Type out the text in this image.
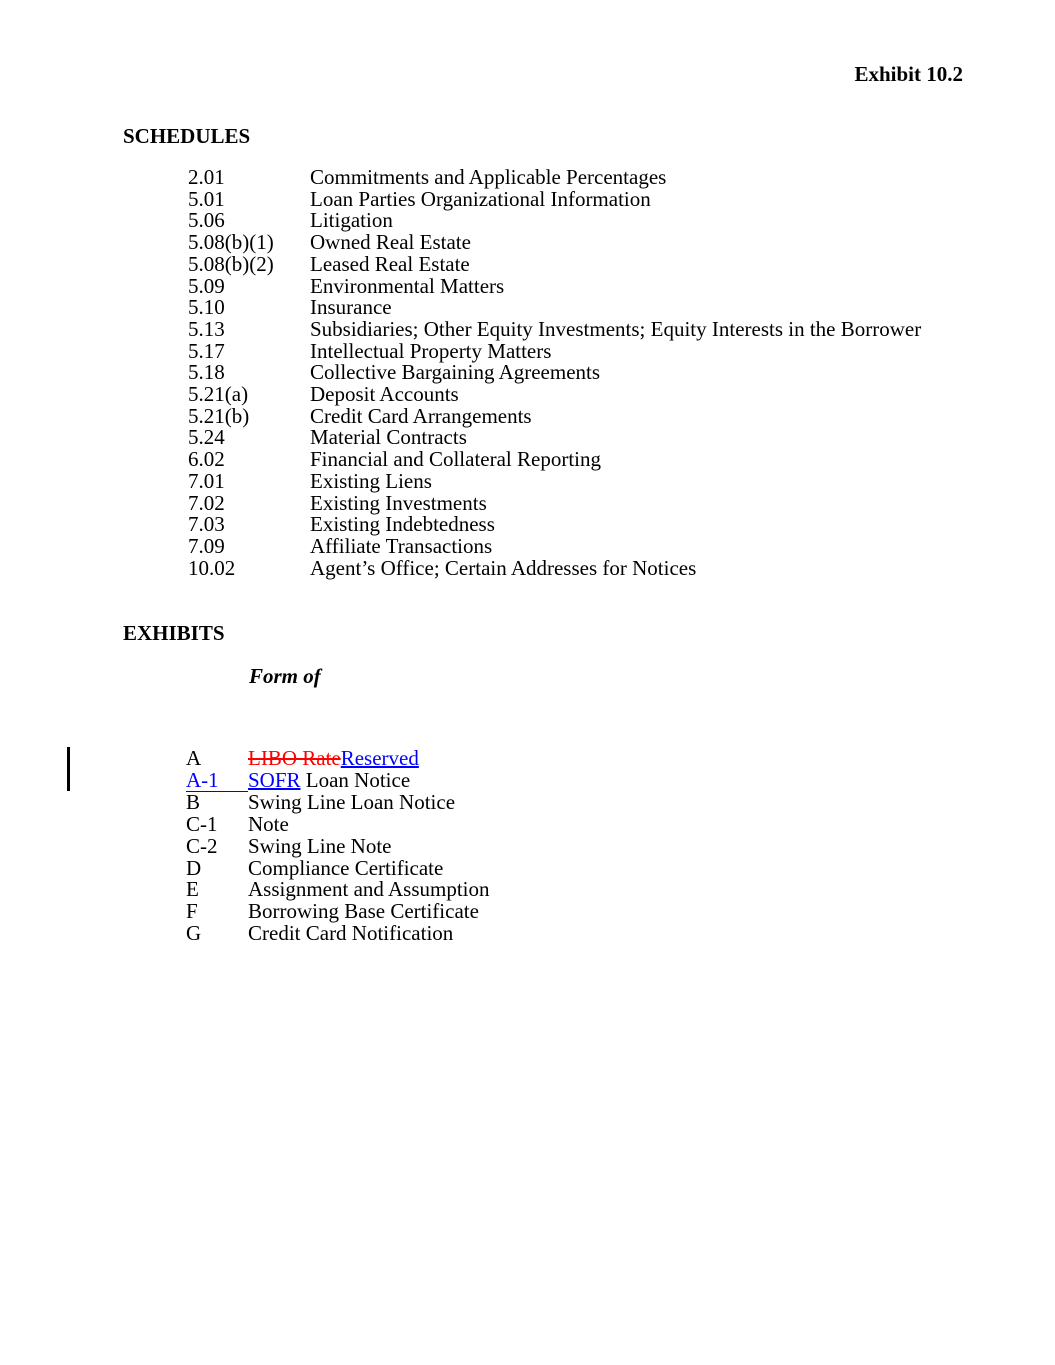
Exhibit 10.2
SCHEDULES
2.01	Commitments and Applicable Percentages
5.01	Loan Parties Organizational Information
5.06	Litigation
5.08(b)(1) Owned Real Estate
5.08(b)(2) Leased Real Estate
5.09	Environmental Matters
5.10	Insurance
5.13	Subsidiaries; Other Equity Investments; Equity Interests in the Borrower
5.17	Intellectual Property Matters
5.18	Collective Bargaining Agreements
5.21(a)	Deposit Accounts
5.21(b)	Credit Card Arrangements
5.24	Material Contracts
6.02	Financial and Collateral Reporting
7.01	Existing Liens
7.02	Existing Investments
7.03	Existing Indebtedness
7.09	Affiliate Transactions
10.02	Agent’s Office; Certain Addresses for Notices
EXHIBITS
Form of
A LIBO RateReserved
A-1 SOFR Loan Notice
B Swing Line Loan Notice
C-1 Note
C-2 Swing Line Note
D Compliance Certificate
E Assignment and Assumption
F Borrowing Base Certificate
G Credit Card Notification
